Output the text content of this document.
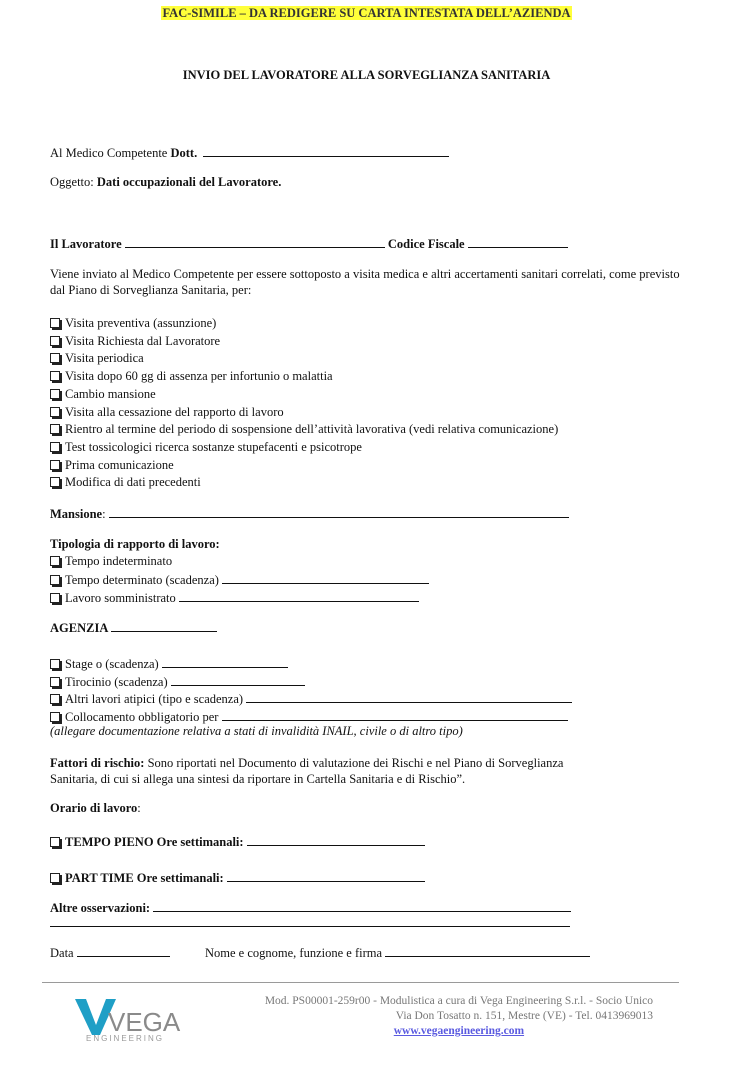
FAC-SIMILE – DA REDIGERE SU CARTA INTESTATA DELL’AZIENDA
INVIO DEL LAVORATORE ALLA SORVEGLIANZA SANITARIA
Al Medico Competente Dott.
Oggetto: Dati occupazionali del Lavoratore.
Il Lavoratore	Codice Fiscale
Viene inviato al Medico Competente per essere sottoposto a visita medica e altri accertamenti sanitari correlati, come previsto dal Piano di Sorveglianza Sanitaria, per:
Visita preventiva (assunzione)
Visita Richiesta dal Lavoratore
Visita periodica
Visita dopo 60 gg di assenza per infortunio o malattia
Cambio mansione
Visita alla cessazione del rapporto di lavoro
Rientro al termine del periodo di sospensione dell’attività lavorativa (vedi relativa comunicazione)
Test tossicologici ricerca sostanze stupefacenti e psicotrope
Prima comunicazione
Modifica di dati precedenti
Mansione:
Tipologia di rapporto di lavoro:
Tempo indeterminato
Tempo determinato (scadenza)
Lavoro somministrato
AGENZIA
Stage o (scadenza)
Tirocinio (scadenza)
Altri lavori atipici (tipo e scadenza)
Collocamento obbligatorio per
(allegare documentazione relativa a stati di invalidità INAIL, civile o di altro tipo)
Fattori di rischio: Sono riportati nel Documento di valutazione dei Rischi e nel Piano di Sorveglianza Sanitaria, di cui si allega una sintesi da riportare in Cartella Sanitaria e di Rischio”.
Orario di lavoro:
TEMPO PIENO Ore settimanali:
PART TIME Ore settimanali:
Altre osservazioni:
Data	Nome e cognome, funzione e firma
VEGA
ENGINEERING
Mod. PS00001-259r00 - Modulistica a cura di Vega Engineering S.r.l. - Socio Unico
Via Don Tosatto n. 151, Mestre (VE) - Tel. 0413969013
www.vegaengineering.com
